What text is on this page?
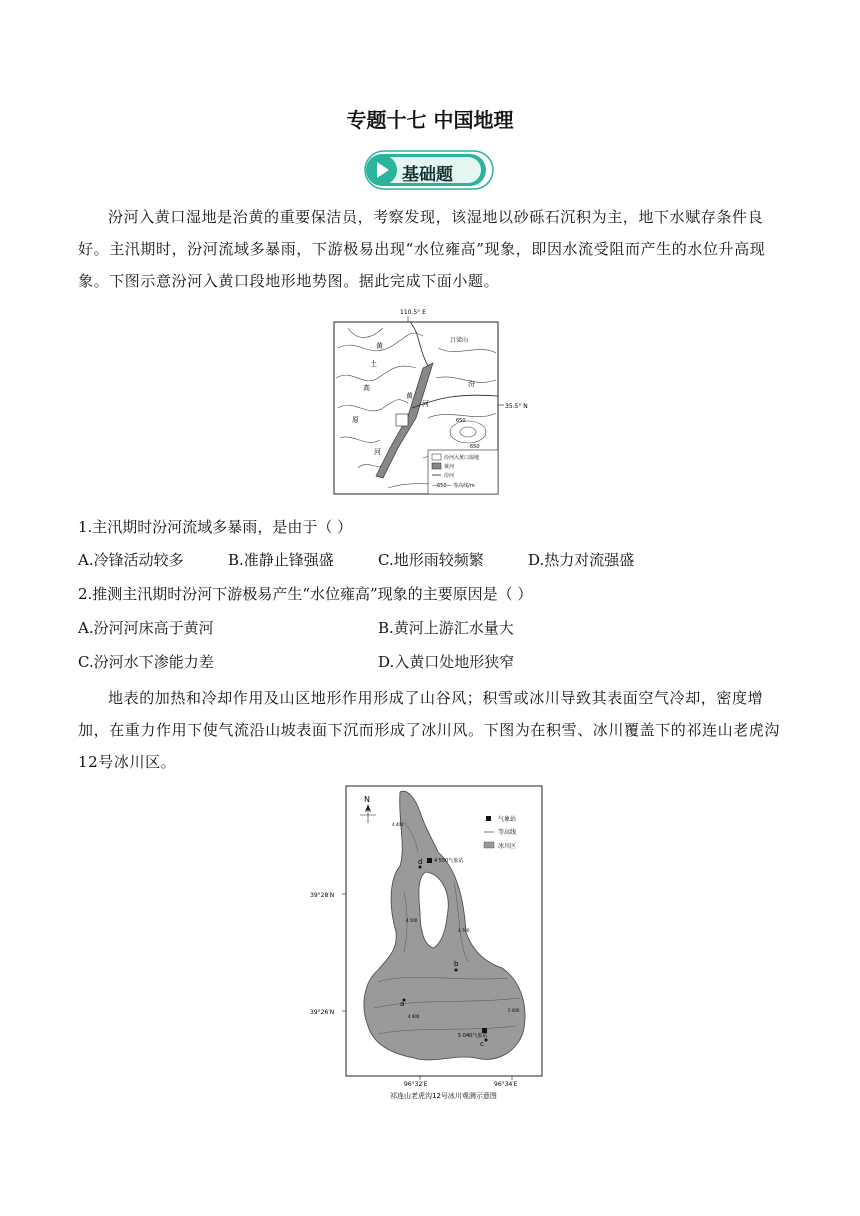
专题十七 中国地理
基础题

汾河入黄口湿地是治黄的重要保洁员，考察发现，该湿地以砂砾石沉积为主，地下水赋存条件良好。主汛期时，汾河流域多暴雨，下游极易出现“水位雍高”现象，即因水流受阻而产生的水位升高现象。下图示意汾河入黄口段地形地势图。据此完成下面小题。

110.5° E
35.5° N
黄
土
高
原
吕梁山
黄
河
汾
河
650
650
汾河入黄口湿地
黄河
汾河
—650— 等高线/m

1.主汛期时汾河流域多暴雨，是由于（ ）

A.冷锋活动较多	B.准静止锋强盛	C.地形雨较频繁	D.热力对流强盛

2.推测主汛期时汾河下游极易产生“水位雍高”现象的主要原因是（ ）

A.汾河河床高于黄河	B.黄河上游汇水量大
C.汾河水下渗能力差	D.入黄口处地形狭窄

地表的加热和冷却作用及山区地形作用形成了山谷风；积雪或冰川导致其表面空气冷却，密度增加，在重力作用下使气流沿山坡表面下沉而形成了冰川风。下图为在积雪、冰川覆盖下的祁连山老虎沟12号冰川区。

N
4 550气象站
5 040气象站
a
b
c
d
4 400
4 500
4 700
4 900
5 000
气象站
等高线
冰川区
39°28′N
39°26′N
96°32′E	96°34′E
祁连山老虎沟12号冰川观测示意图
